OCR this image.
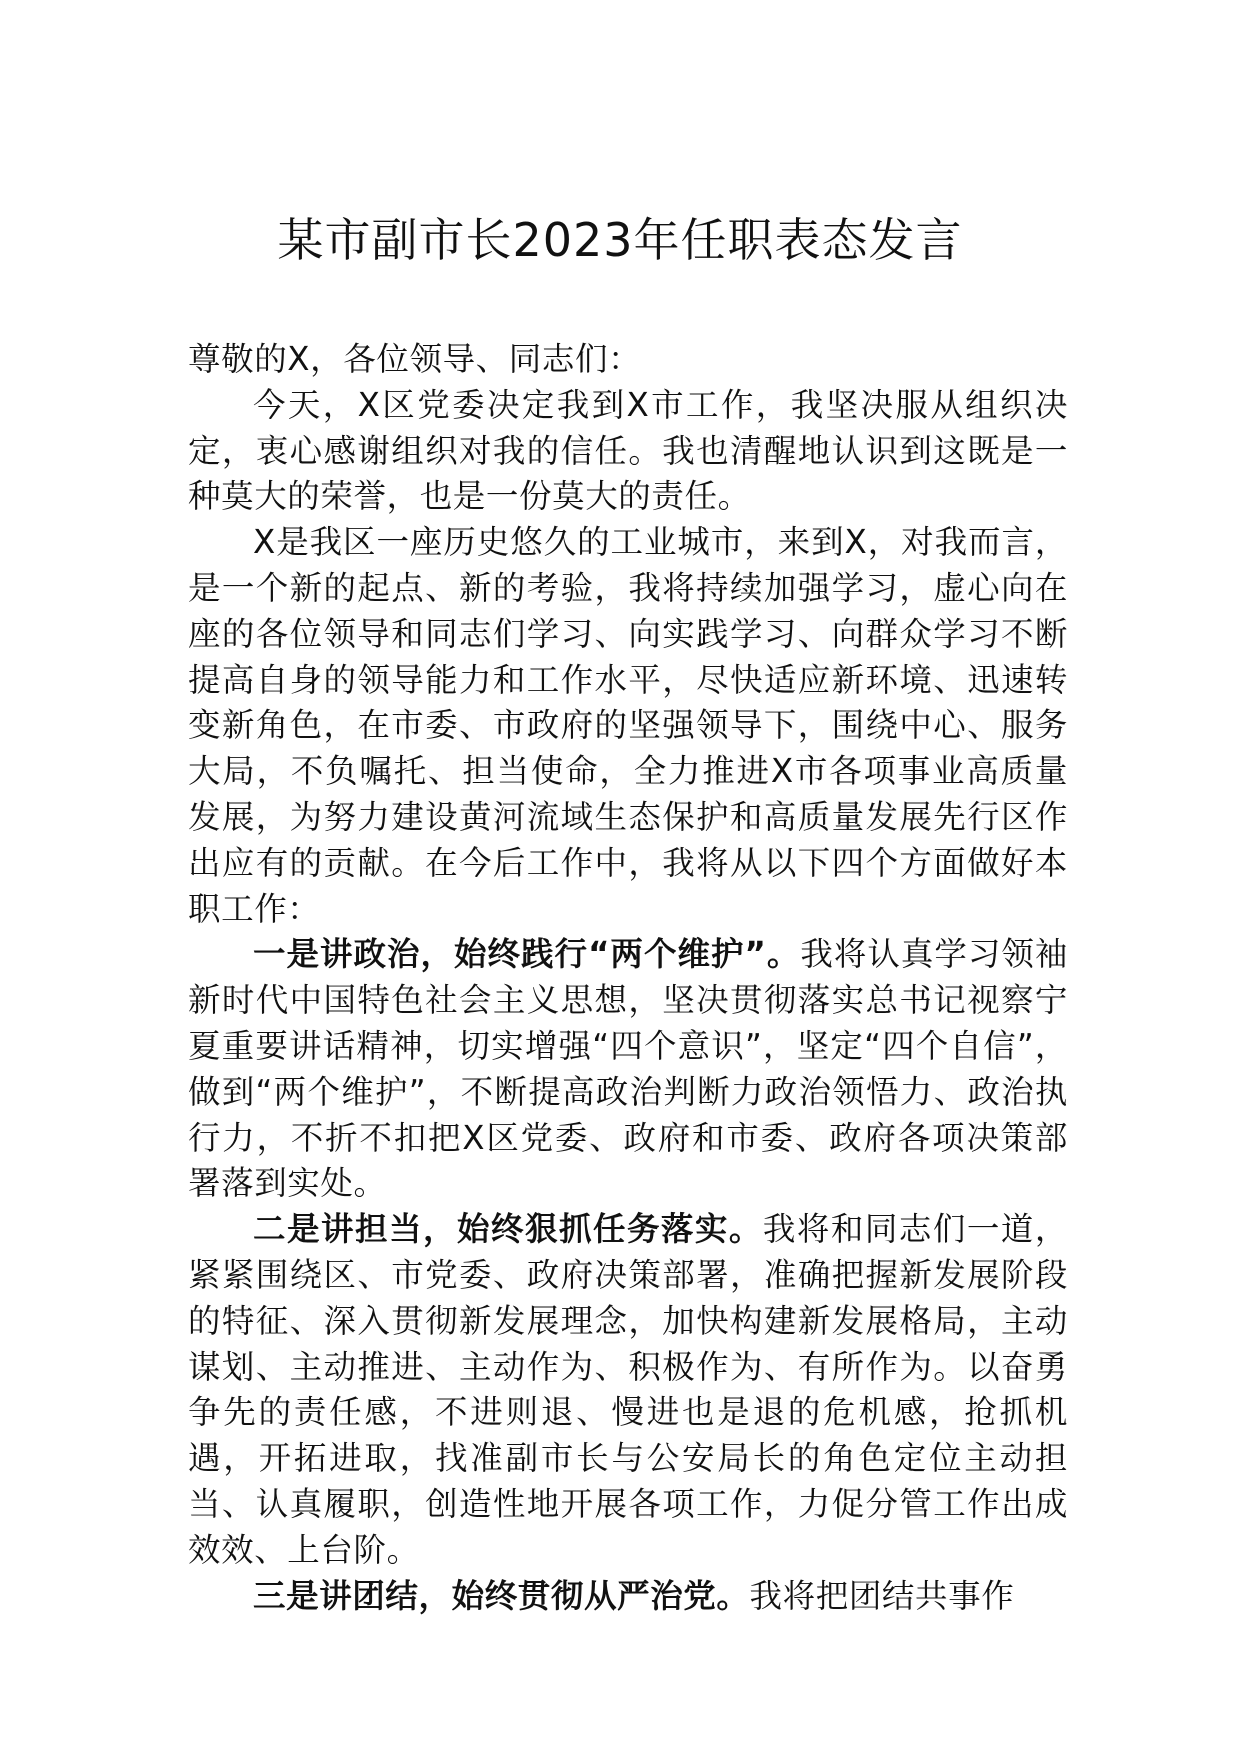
某市副市长2023年任职表态发言

尊敬的X，各位领导、同志们：

今天，X区党委决定我到X市工作，我坚决服从组织决定，衷心感谢组织对我的信任。我也清醒地认识到这既是一种莫大的荣誉，也是一份莫大的责任。

X是我区一座历史悠久的工业城市，来到X，对我而言，是一个新的起点、新的考验，我将持续加强学习，虚心向在座的各位领导和同志们学习、向实践学习、向群众学习不断提高自身的领导能力和工作水平，尽快适应新环境、迅速转变新角色，在市委、市政府的坚强领导下，围绕中心、服务大局，不负嘱托、担当使命，全力推进X市各项事业高质量发展，为努力建设黄河流域生态保护和高质量发展先行区作出应有的贡献。在今后工作中，我将从以下四个方面做好本职工作：

一是讲政治，始终践行“两个维护”。我将认真学习领袖新时代中国特色社会主义思想，坚决贯彻落实总书记视察宁夏重要讲话精神，切实增强“四个意识”，坚定“四个自信”，做到“两个维护”，不断提高政治判断力政治领悟力、政治执行力，不折不扣把X区党委、政府和市委、政府各项决策部署落到实处。

二是讲担当，始终狠抓任务落实。我将和同志们一道，紧紧围绕区、市党委、政府决策部署，准确把握新发展阶段的特征、深入贯彻新发展理念，加快构建新发展格局，主动谋划、主动推进、主动作为、积极作为、有所作为。以奋勇争先的责任感，不进则退、慢进也是退的危机感，抢抓机遇，开拓进取，找准副市长与公安局长的角色定位主动担当、认真履职，创造性地开展各项工作，力促分管工作出成效效、上台阶。

三是讲团结，始终贯彻从严治党。我将把团结共事作
